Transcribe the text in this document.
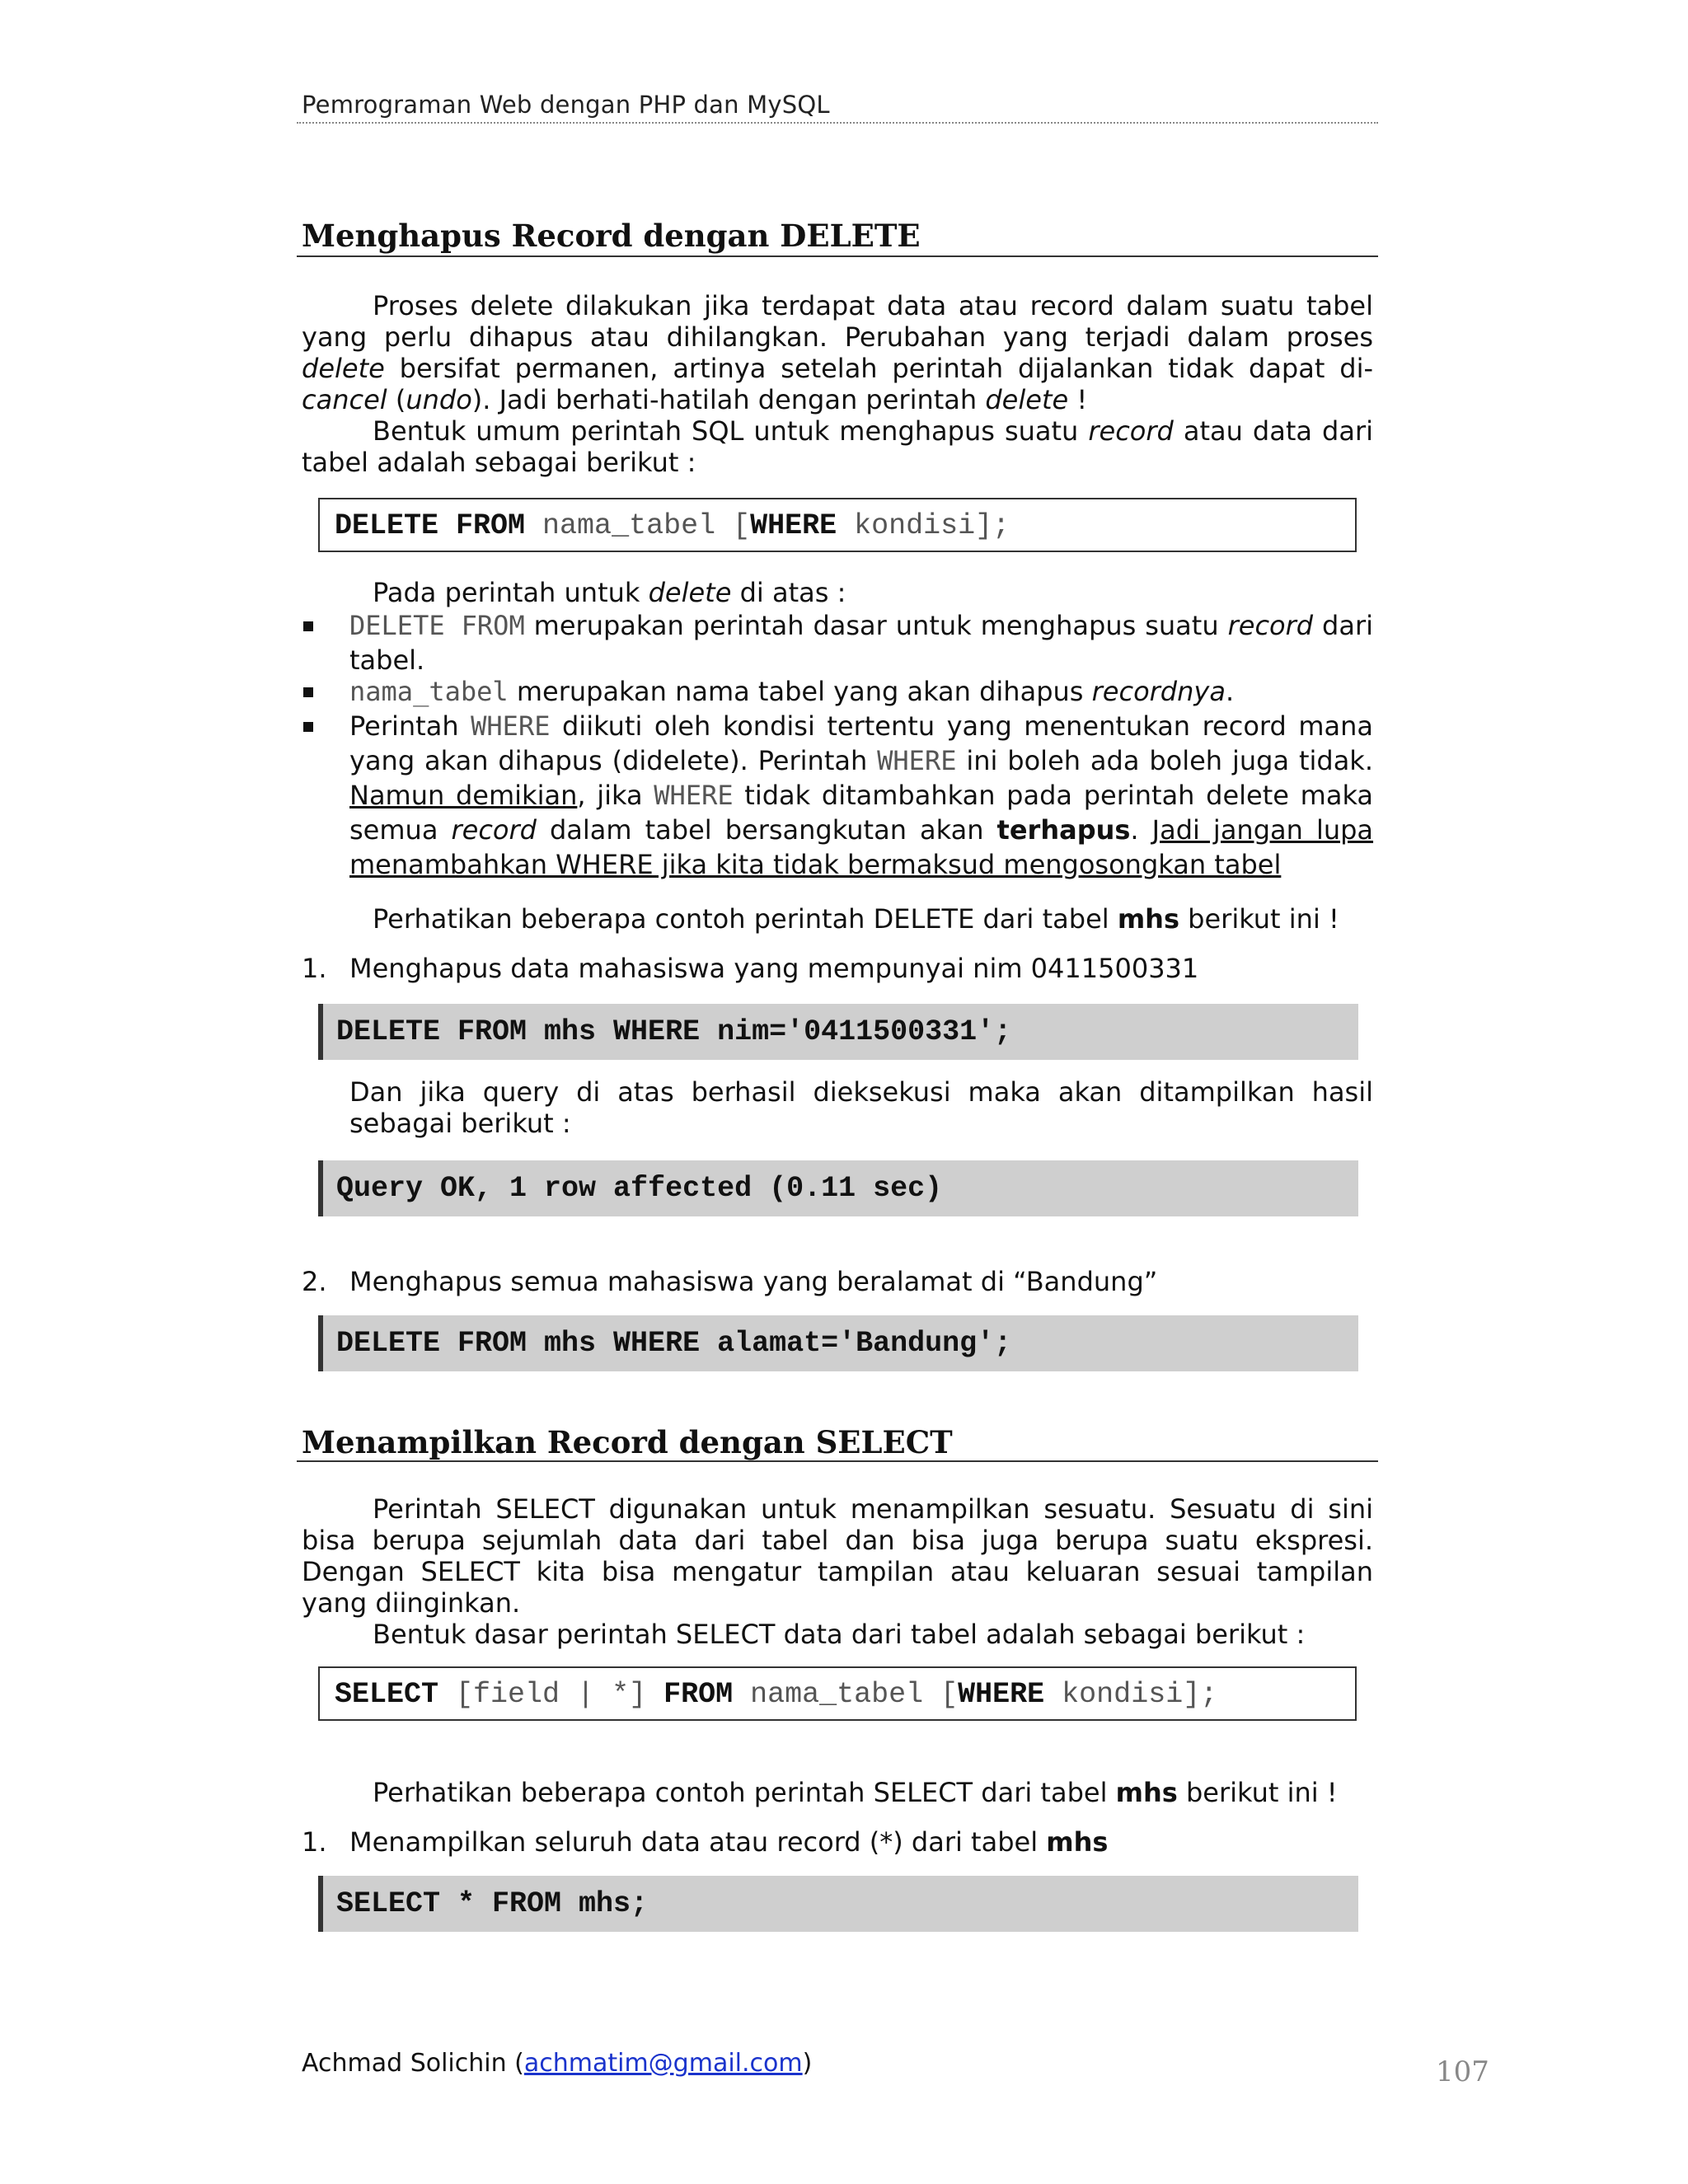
Pemrograman Web dengan PHP dan MySQL
Menghapus Record dengan DELETE

Proses delete dilakukan jika terdapat data atau record dalam suatu tabel yang perlu dihapus atau dihilangkan. Perubahan yang terjadi dalam proses delete bersifat permanen, artinya setelah perintah dijalankan tidak dapat di-cancel (undo). Jadi berhati-hatilah dengan perintah delete !

Bentuk umum perintah SQL untuk menghapus suatu record atau data dari tabel adalah sebagai berikut :

DELETE FROM nama_tabel [WHERE kondisi];
Pada perintah untuk delete di atas :
DELETE FROM merupakan perintah dasar untuk menghapus suatu record dari tabel.
nama_tabel merupakan nama tabel yang akan dihapus recordnya.
Perintah WHERE diikuti oleh kondisi tertentu yang menentukan record mana yang akan dihapus (didelete). Perintah WHERE ini boleh ada boleh juga tidak. Namun demikian, jika WHERE tidak ditambahkan pada perintah delete maka semua record dalam tabel bersangkutan akan terhapus. Jadi jangan lupa menambahkan WHERE jika kita tidak bermaksud mengosongkan tabel
Perhatikan beberapa contoh perintah DELETE dari tabel mhs berikut ini !
1. Menghapus data mahasiswa yang mempunyai nim 0411500331
DELETE FROM mhs WHERE nim='0411500331';
Dan jika query di atas berhasil dieksekusi maka akan ditampilkan hasil sebagai berikut :
Query OK, 1 row affected (0.11 sec)
2. Menghapus semua mahasiswa yang beralamat di “Bandung”
DELETE FROM mhs WHERE alamat='Bandung';
Menampilkan Record dengan SELECT

Perintah SELECT digunakan untuk menampilkan sesuatu. Sesuatu di sini bisa berupa sejumlah data dari tabel dan bisa juga berupa suatu ekspresi. Dengan SELECT kita bisa mengatur tampilan atau keluaran sesuai tampilan yang diinginkan.

Bentuk dasar perintah SELECT data dari tabel adalah sebagai berikut :

SELECT [field | *] FROM nama_tabel [WHERE kondisi];
Perhatikan beberapa contoh perintah SELECT dari tabel mhs berikut ini !
1. Menampilkan seluruh data atau record (*) dari tabel mhs
SELECT * FROM mhs;
Achmad Solichin (achmatim@gmail.com)	107
